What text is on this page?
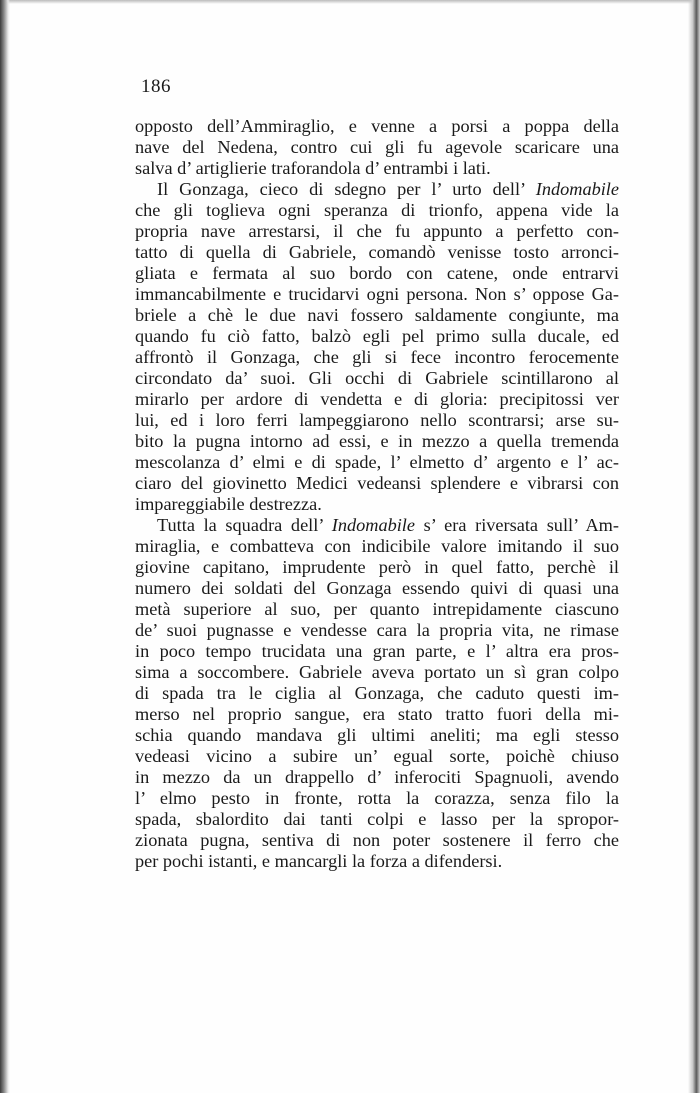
186
opposto dell’Ammiraglio, e venne a porsi a poppa della
nave del Nedena, contro cui gli fu agevole scaricare una
salva d’ artiglierie traforandola d’ entrambi i lati.
Il Gonzaga, cieco di sdegno per l’ urto dell’ Indomabile
che gli toglieva ogni speranza di trionfo, appena vide la
propria nave arrestarsi, il che fu appunto a perfetto con-
tatto di quella di Gabriele, comandò venisse tosto arronci-
gliata e fermata al suo bordo con catene, onde entrarvi
immancabilmente e trucidarvi ogni persona. Non s’ oppose Ga-
briele a chè le due navi fossero saldamente congiunte, ma
quando fu ciò fatto, balzò egli pel primo sulla ducale, ed
affrontò il Gonzaga, che gli si fece incontro ferocemente
circondato da’ suoi. Gli occhi di Gabriele scintillarono al
mirarlo per ardore di vendetta e di gloria: precipitossi ver
lui, ed i loro ferri lampeggiarono nello scontrarsi; arse su-
bito la pugna intorno ad essi, e in mezzo a quella tremenda
mescolanza d’ elmi e di spade, l’ elmetto d’ argento e l’ ac-
ciaro del giovinetto Medici vedeansi splendere e vibrarsi con
impareggiabile destrezza.
Tutta la squadra dell’ Indomabile s’ era riversata sull’ Am-
miraglia, e combatteva con indicibile valore imitando il suo
giovine capitano, imprudente però in quel fatto, perchè il
numero dei soldati del Gonzaga essendo quivi di quasi una
metà superiore al suo, per quanto intrepidamente ciascuno
de’ suoi pugnasse e vendesse cara la propria vita, ne rimase
in poco tempo trucidata una gran parte, e l’ altra era pros-
sima a soccombere. Gabriele aveva portato un sì gran colpo
di spada tra le ciglia al Gonzaga, che caduto questi im-
merso nel proprio sangue, era stato tratto fuori della mi-
schia quando mandava gli ultimi aneliti; ma egli stesso
vedeasi vicino a subire un’ egual sorte, poichè chiuso
in mezzo da un drappello d’ inferociti Spagnuoli, avendo
l’ elmo pesto in fronte, rotta la corazza, senza filo la
spada, sbalordito dai tanti colpi e lasso per la spropor-
zionata pugna, sentiva di non poter sostenere il ferro che
per pochi istanti, e mancargli la forza a difendersi.
